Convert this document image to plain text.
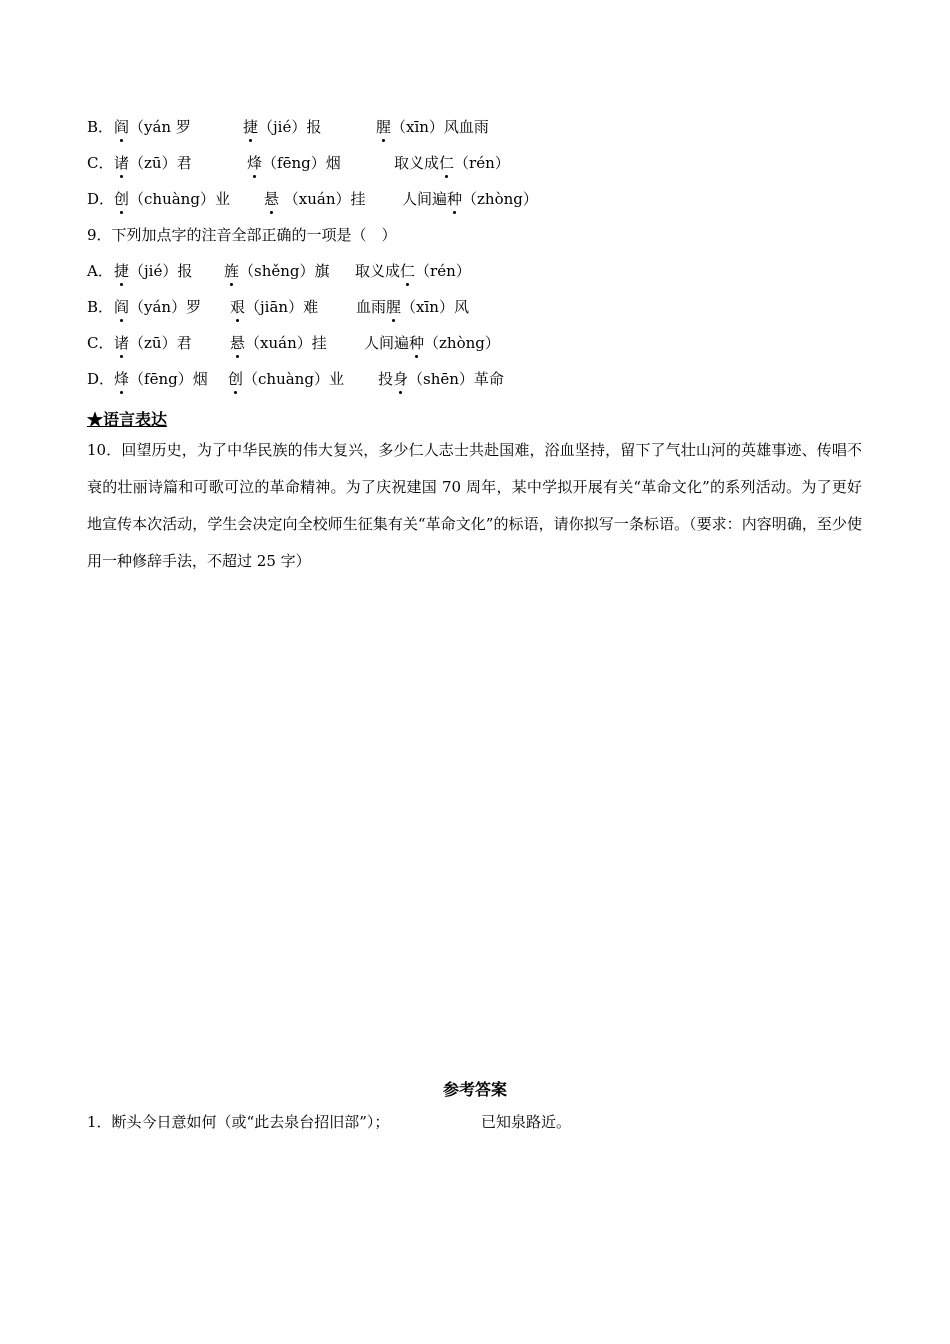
B． 阎（yán 罗	捷（jié）报	腥（xīn）风血雨
C． 诸（zū）君	烽（fēng）烟	取义成仁（rén）
D． 创（chuàng）业 悬 （xuán）挂 人间遍种（zhòng）
9．下列加点字的注音全部正确的一项是（　）
A． 捷（jié）报 旌（shěng）旗 取义成仁（rén）
B． 阎（yán）罗 艰（jiān）难	血雨腥（xīn）风
C． 诸（zū）君	悬（xuán）挂 人间遍种（zhòng）
D． 烽（fēng）烟 创（chuàng）业 投身（shēn）革命
★语言表达
10．回望历史，为了中华民族的伟大复兴，多少仁人志士共赴国难，浴血坚持，留下了气壮山河的英雄事迹、传唱不衰的壮丽诗篇和可歌可泣的革命精神。为了庆祝建国 70 周年，某中学拟开展有关“革命文化”的系列活动。为了更好地宣传本次活动，学生会决定向全校师生征集有关“革命文化”的标语，请你拟写一条标语。（要求：内容明确，至少使用一种修辞手法，不超过 25 字）
参考答案
1．断头今日意如何（或“此去泉台招旧部”）；	已知泉路近。
